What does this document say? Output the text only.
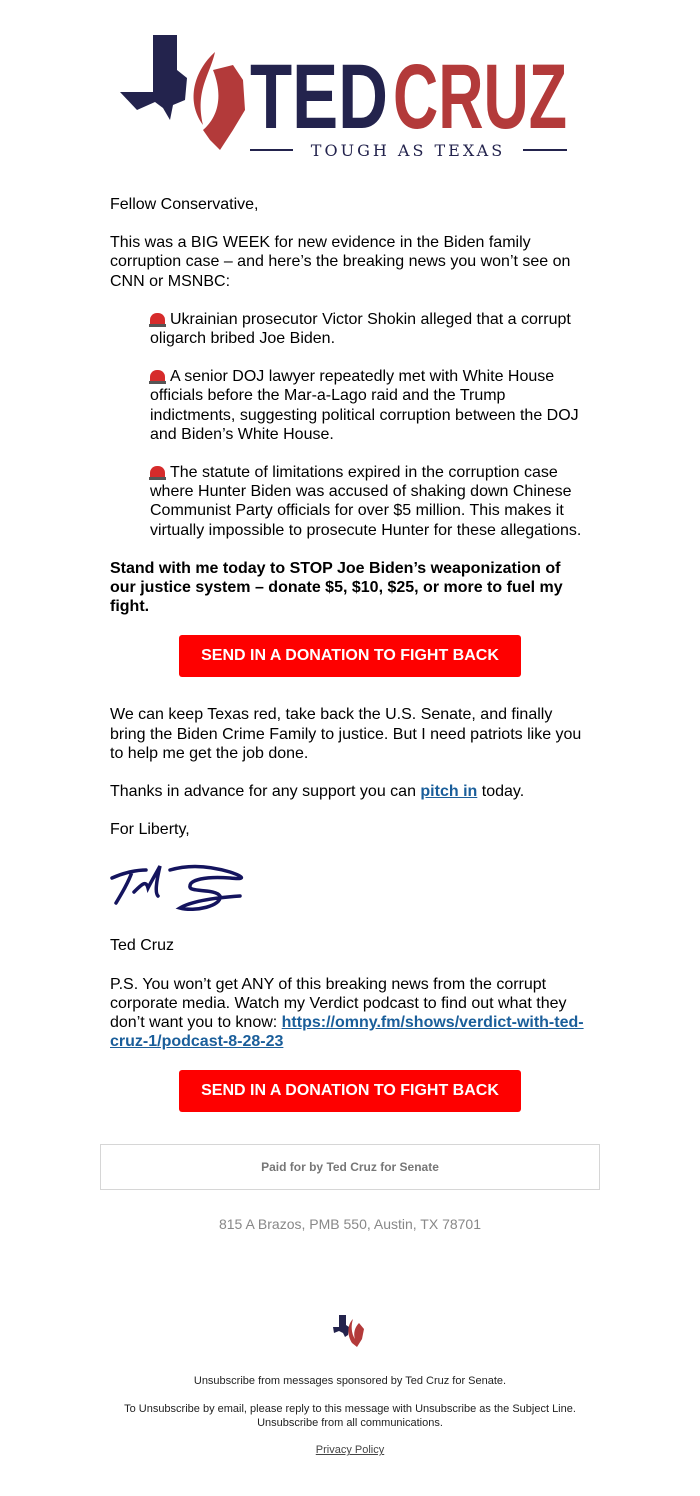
TED CRUZ
TOUGH AS TEXAS

Fellow Conservative,

This was a BIG WEEK for new evidence in the Biden family corruption case – and here’s the breaking news you won’t see on CNN or MSNBC:

Ukrainian prosecutor Victor Shokin alleged that a corrupt oligarch bribed Joe Biden.

A senior DOJ lawyer repeatedly met with White House officials before the Mar-a-Lago raid and the Trump indictments, suggesting political corruption between the DOJ and Biden’s White House.

The statute of limitations expired in the corruption case where Hunter Biden was accused of shaking down Chinese Communist Party officials for over $5 million. This makes it virtually impossible to prosecute Hunter for these allegations.

Stand with me today to STOP Joe Biden’s weaponization of our justice system – donate $5, $10, $25, or more to fuel my fight.

SEND IN A DONATION TO FIGHT BACK

We can keep Texas red, take back the U.S. Senate, and finally bring the Biden Crime Family to justice. But I need patriots like you to help me get the job done.

Thanks in advance for any support you can pitch in today.

For Liberty,

Ted Cruz

P.S. You won’t get ANY of this breaking news from the corrupt corporate media. Watch my Verdict podcast to find out what they don’t want you to know: https://omny.fm/shows/verdict-with-ted-cruz-1/podcast-8-28-23

SEND IN A DONATION TO FIGHT BACK
Paid for by Ted Cruz for Senate
815 A Brazos, PMB 550, Austin, TX 78701
Unsubscribe from messages sponsored by Ted Cruz for Senate.
To Unsubscribe by email, please reply to this message with Unsubscribe as the Subject Line.
Unsubscribe from all communications.
Privacy Policy
